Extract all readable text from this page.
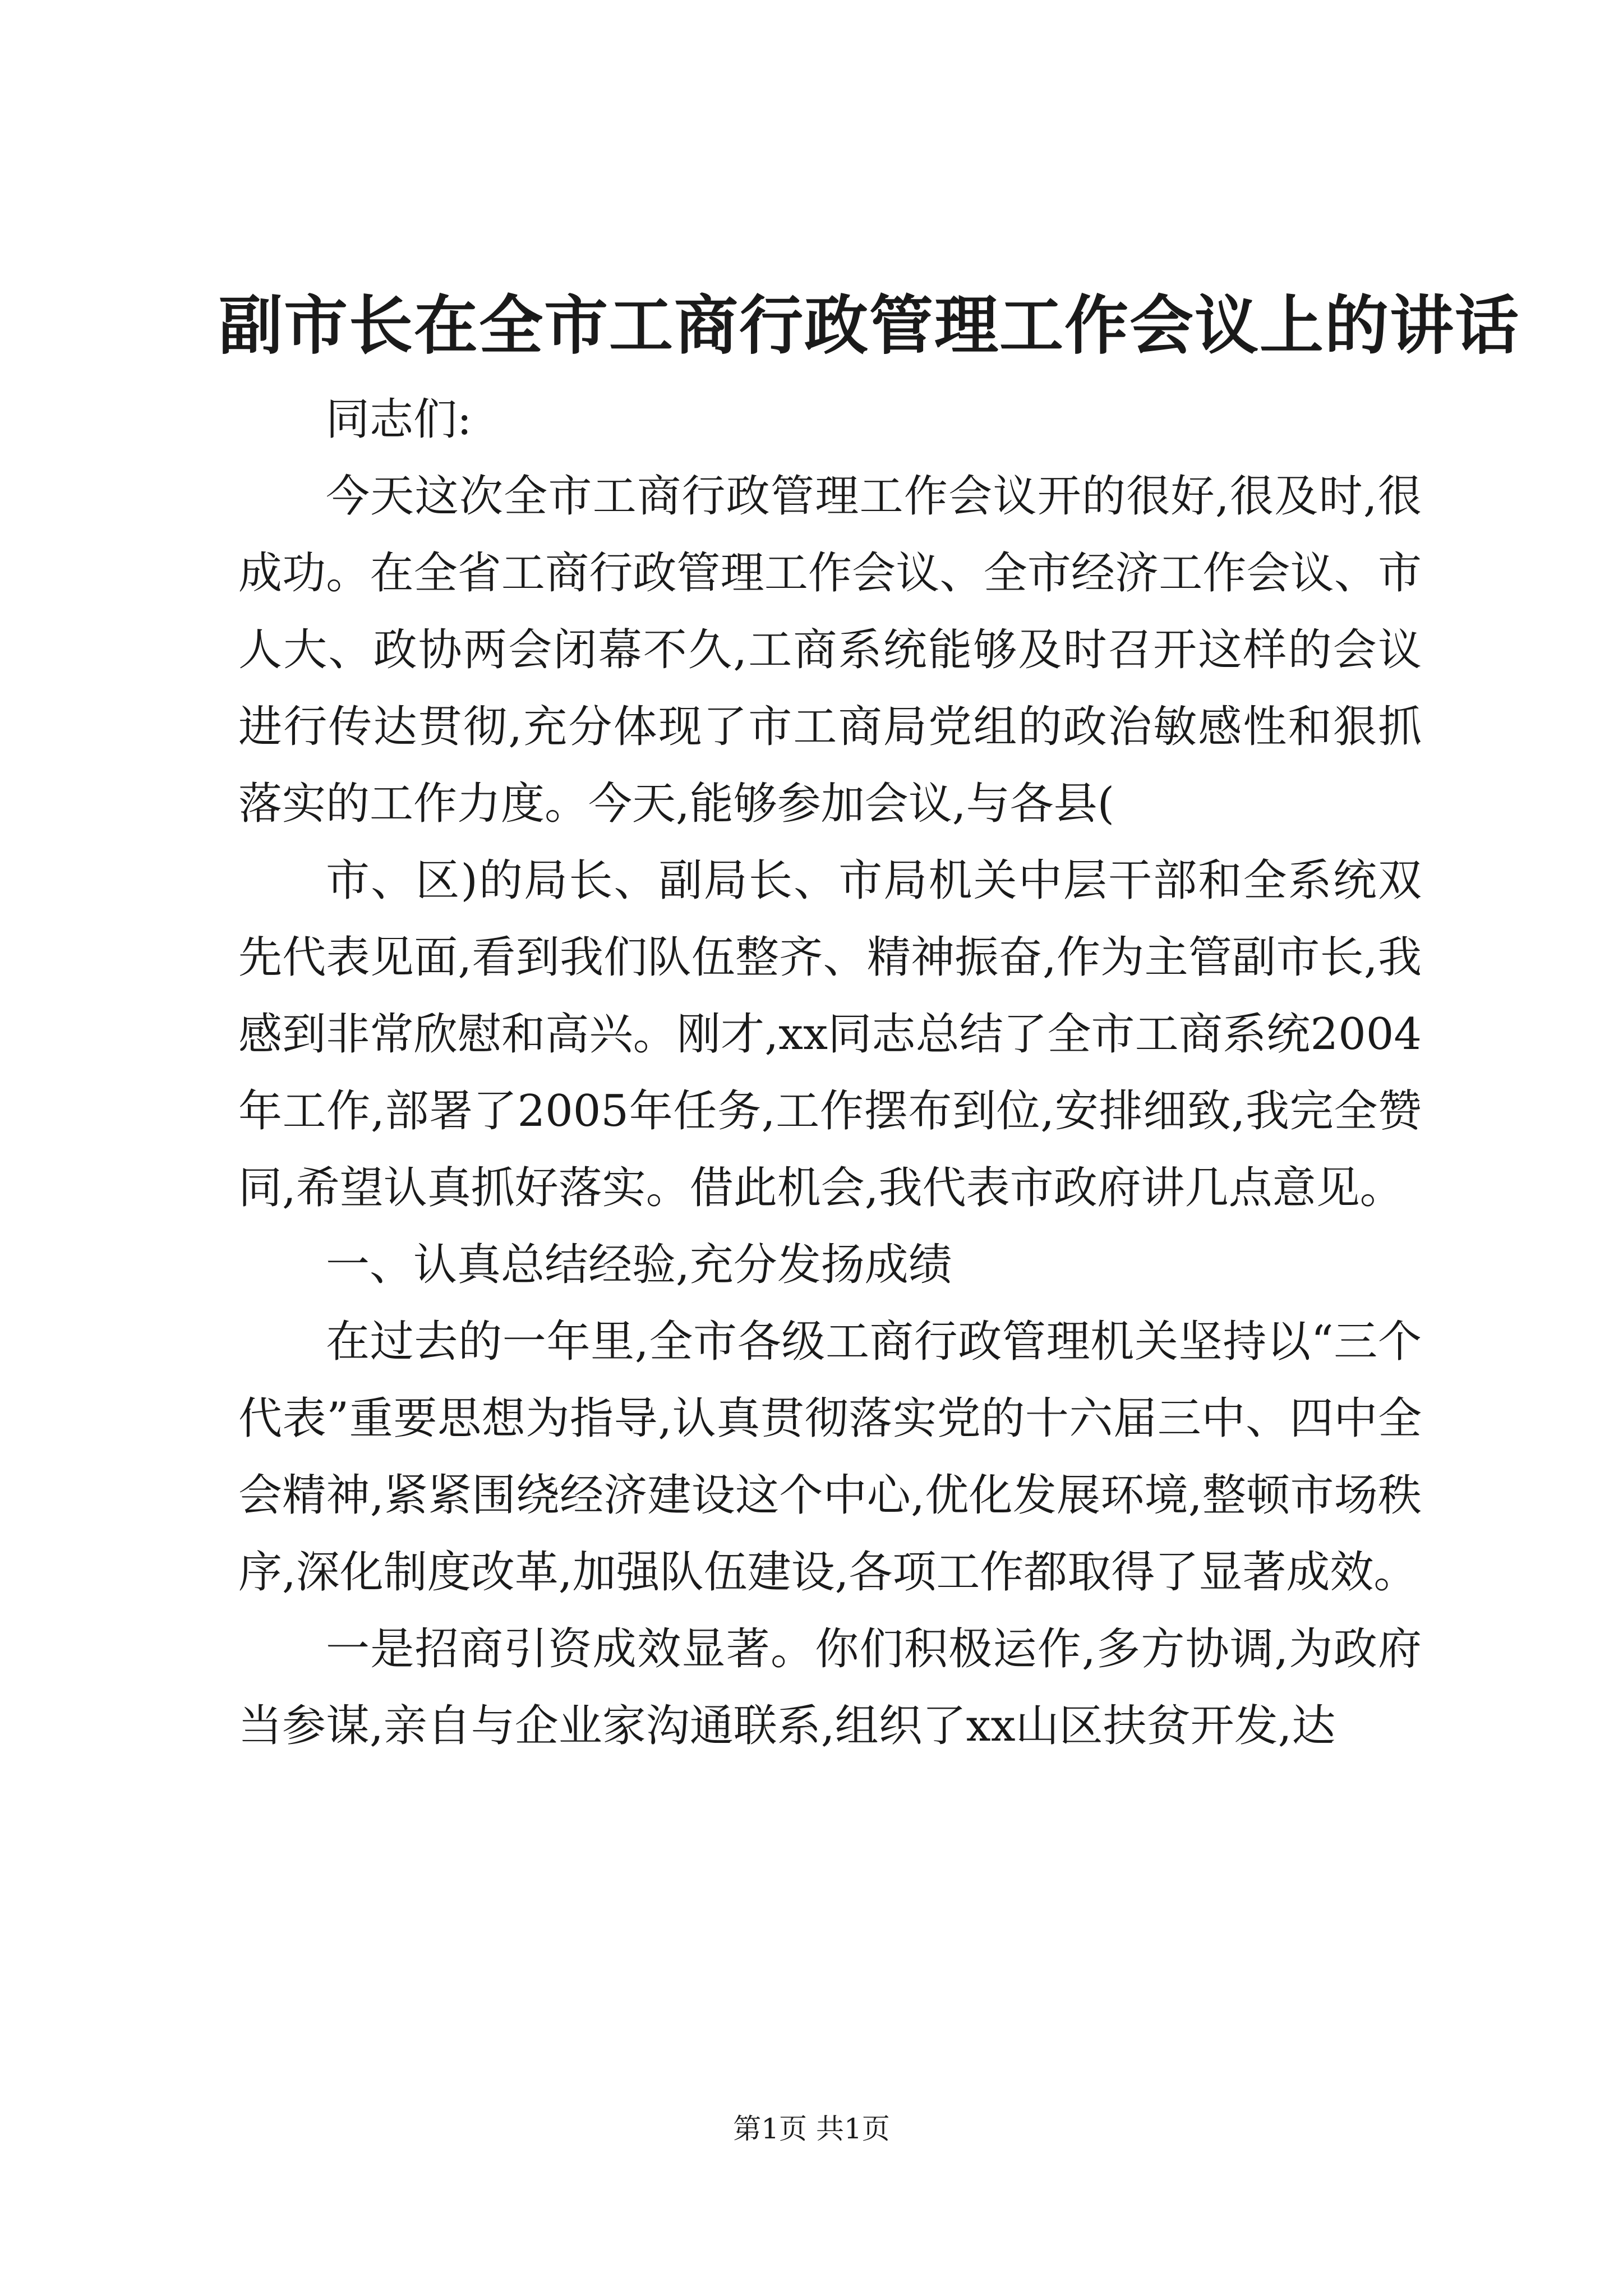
副市长在全市工商行政管理工作会议上的讲话

同志们:

今天这次全市工商行政管理工作会议开的很好,很及时,很成功。在全省工商行政管理工作会议、全市经济工作会议、市人大、政协两会闭幕不久,工商系统能够及时召开这样的会议进行传达贯彻,充分体现了市工商局党组的政治敏感性和狠抓落实的工作力度。今天,能够参加会议,与各县(

市、区)的局长、副局长、市局机关中层干部和全系统双先代表见面,看到我们队伍整齐、精神振奋,作为主管副市长,我感到非常欣慰和高兴。刚才,xx同志总结了全市工商系统2004年工作,部署了2005年任务,工作摆布到位,安排细致,我完全赞同,希望认真抓好落实。借此机会,我代表市政府讲几点意见。

一、认真总结经验,充分发扬成绩

在过去的一年里,全市各级工商行政管理机关坚持以“三个代表”重要思想为指导,认真贯彻落实党的十六届三中、四中全会精神,紧紧围绕经济建设这个中心,优化发展环境,整顿市场秩序,深化制度改革,加强队伍建设,各项工作都取得了显著成效。

一是招商引资成效显著。你们积极运作,多方协调,为政府当参谋,亲自与企业家沟通联系,组织了xx山区扶贫开发,达

第1页 共1页
